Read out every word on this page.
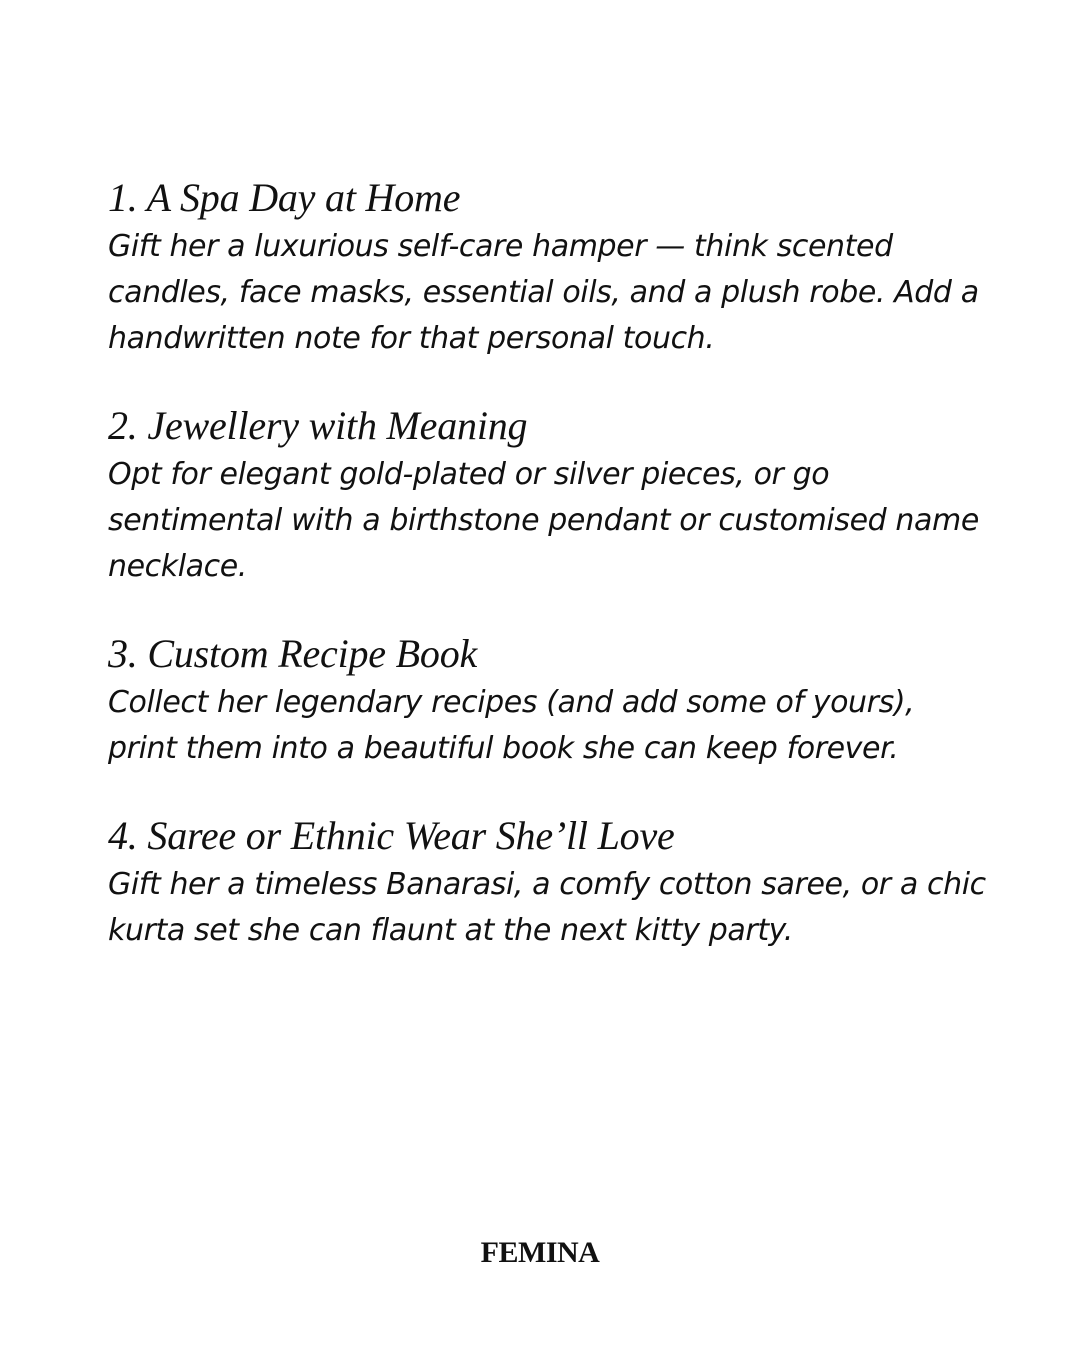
1. A Spa Day at Home

Gift her a luxurious self-care hamper — think scented candles, face masks, essential oils, and a plush robe. Add a handwritten note for that personal touch.

2. Jewellery with Meaning

Opt for elegant gold-plated or silver pieces, or go sentimental with a birthstone pendant or customised name necklace.

3. Custom Recipe Book

Collect her legendary recipes (and add some of yours), print them into a beautiful book she can keep forever.

4. Saree or Ethnic Wear She’ll Love

Gift her a timeless Banarasi, a comfy cotton saree, or a chic kurta set she can flaunt at the next kitty party.

FEMINA
